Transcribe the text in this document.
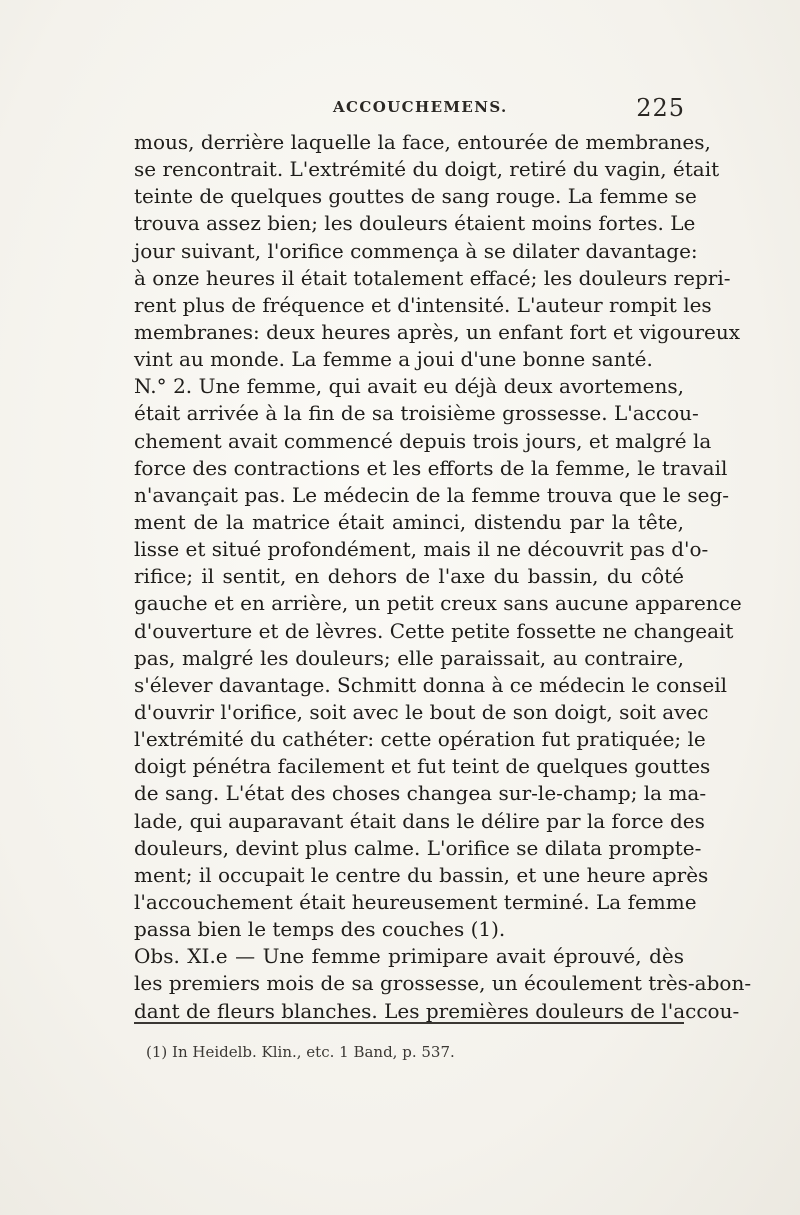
ACCOUCHEMENS.	225
mous, derrière laquelle la face, entourée de membranes,
se rencontrait. L'extrémité du doigt, retiré du vagin, était
teinte de quelques gouttes de sang rouge. La femme se
trouva assez bien; les douleurs étaient moins fortes. Le
jour suivant, l'orifice commença à se dilater davantage:
à onze heures il était totalement effacé; les douleurs repri-
rent plus de fréquence et d'intensité. L'auteur rompit les
membranes: deux heures après, un enfant fort et vigoureux
vint au monde. La femme a joui d'une bonne santé.
N.° 2. Une femme, qui avait eu déjà deux avortemens,
était arrivée à la fin de sa troisième grossesse. L'accou-
chement avait commencé depuis trois jours, et malgré la
force des contractions et les efforts de la femme, le travail
n'avançait pas. Le médecin de la femme trouva que le seg-
ment de la matrice était aminci, distendu par la tête,
lisse et situé profondément, mais il ne découvrit pas d'o-
rifice; il sentit, en dehors de l'axe du bassin, du côté
gauche et en arrière, un petit creux sans aucune apparence
d'ouverture et de lèvres. Cette petite fossette ne changeait
pas, malgré les douleurs; elle paraissait, au contraire,
s'élever davantage. Schmitt donna à ce médecin le conseil
d'ouvrir l'orifice, soit avec le bout de son doigt, soit avec
l'extrémité du cathéter: cette opération fut pratiquée; le
doigt pénétra facilement et fut teint de quelques gouttes
de sang. L'état des choses changea sur-le-champ; la ma-
lade, qui auparavant était dans le délire par la force des
douleurs, devint plus calme. L'orifice se dilata prompte-
ment; il occupait le centre du bassin, et une heure après
l'accouchement était heureusement terminé. La femme
passa bien le temps des couches (1).
Obs. XI.e — Une femme primipare avait éprouvé, dès
les premiers mois de sa grossesse, un écoulement très-abon-
dant de fleurs blanches. Les premières douleurs de l'accou-
(1) In Heidelb. Klin., etc. 1 Band, p. 537.
